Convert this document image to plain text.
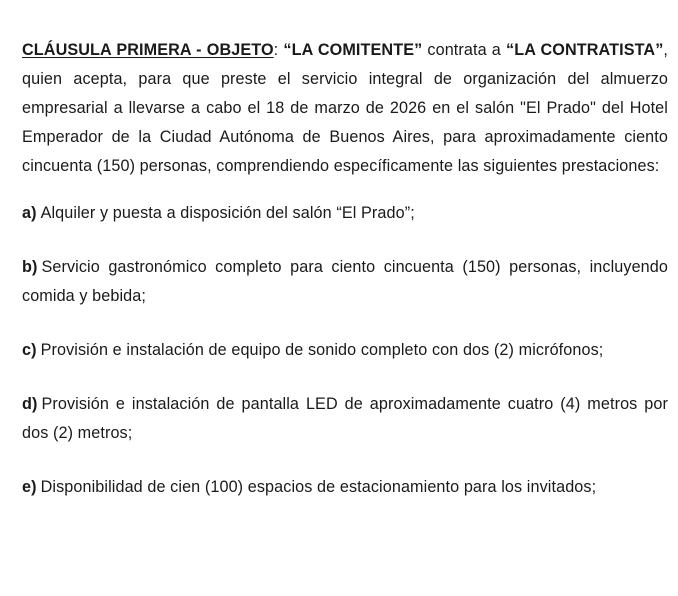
CLÁUSULA PRIMERA - OBJETO: “LA COMITENTE” contrata a “LA CONTRATISTA”, quien acepta, para que preste el servicio integral de organización del almuerzo empresarial a llevarse a cabo el 18 de marzo de 2026 en el salón "El Prado" del Hotel Emperador de la Ciudad Autónoma de Buenos Aires, para aproximadamente ciento cincuenta (150) personas, comprendiendo específicamente las siguientes prestaciones:

a) Alquiler y puesta a disposición del salón “El Prado”;

b) Servicio gastronómico completo para ciento cincuenta (150) personas, incluyendo comida y bebida;

c) Provisión e instalación de equipo de sonido completo con dos (2) micrófonos;

d) Provisión e instalación de pantalla LED de aproximadamente cuatro (4) metros por dos (2) metros;

e) Disponibilidad de cien (100) espacios de estacionamiento para los invitados;
